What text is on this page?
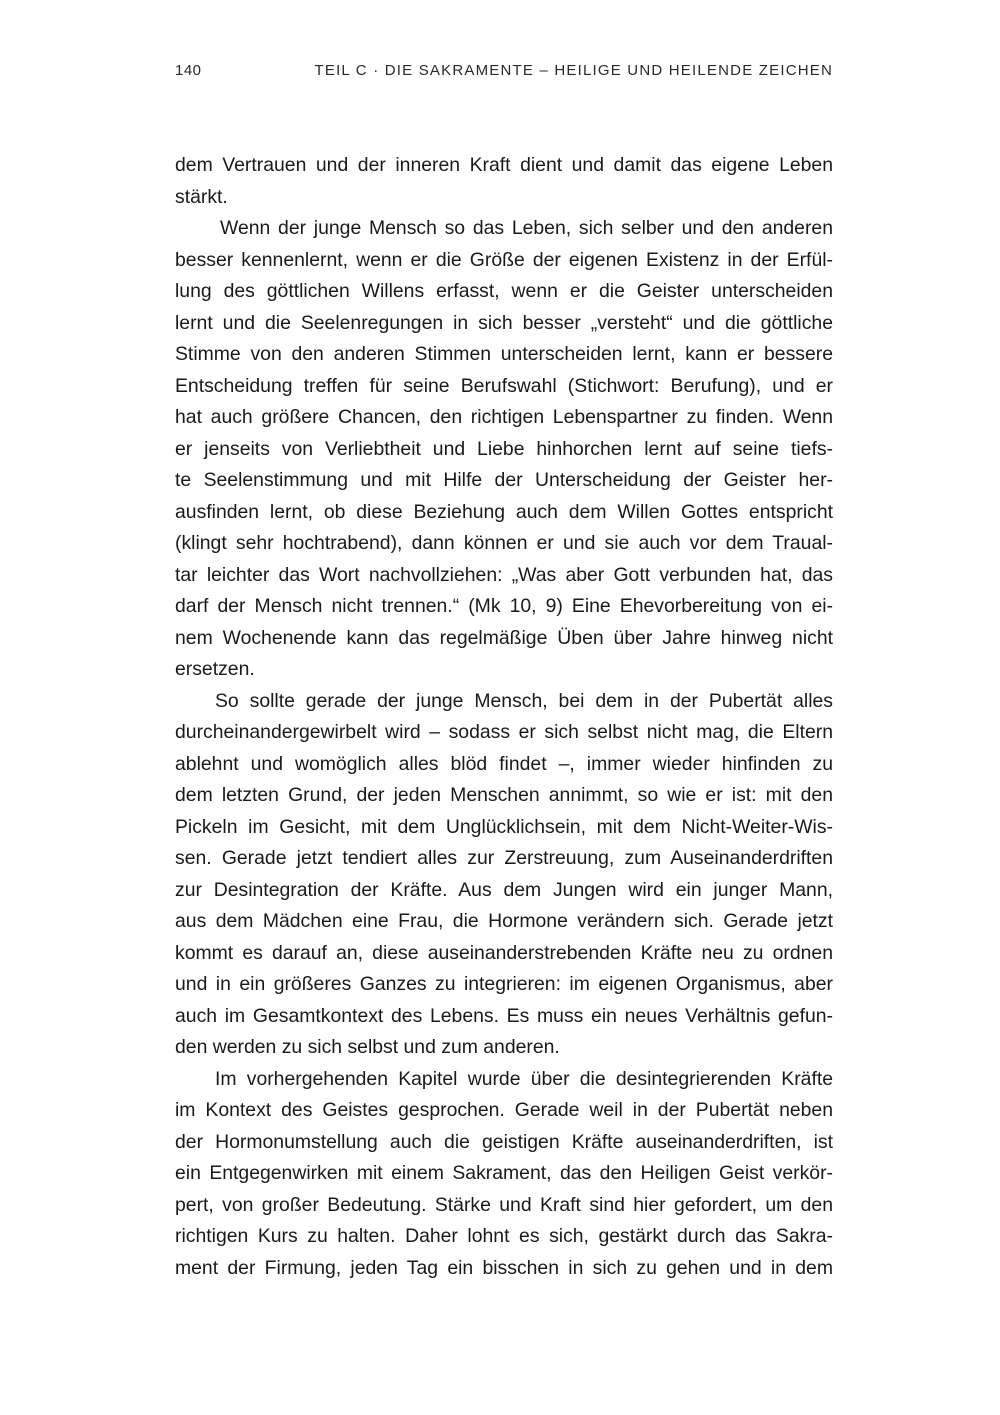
140	TEIL C · DIE SAKRAMENTE – HEILIGE UND HEILENDE ZEICHEN
dem Vertrauen und der inneren Kraft dient und damit das eigene Leben
stärkt.
Wenn der junge Mensch so das Leben, sich selber und den anderen
besser kennenlernt, wenn er die Größe der eigenen Existenz in der Erfül-
lung des göttlichen Willens erfasst, wenn er die Geister unterscheiden
lernt und die Seelenregungen in sich besser „versteht“ und die göttliche
Stimme von den anderen Stimmen unterscheiden lernt, kann er bessere
Entscheidung treffen für seine Berufswahl (Stichwort: Berufung), und er
hat auch größere Chancen, den richtigen Lebenspartner zu finden. Wenn
er jenseits von Verliebtheit und Liebe hinhorchen lernt auf seine tiefs-
te Seelenstimmung und mit Hilfe der Unterscheidung der Geister her-
ausfinden lernt, ob diese Beziehung auch dem Willen Gottes entspricht
(klingt sehr hochtrabend), dann können er und sie auch vor dem Traual-
tar leichter das Wort nachvollziehen: „Was aber Gott verbunden hat, das
darf der Mensch nicht trennen.“ (Mk 10, 9) Eine Ehevorbereitung von ei-
nem Wochenende kann das regelmäßige Üben über Jahre hinweg nicht
ersetzen.
So sollte gerade der junge Mensch, bei dem in der Pubertät alles
durcheinandergewirbelt wird – sodass er sich selbst nicht mag, die Eltern
ablehnt und womöglich alles blöd findet –, immer wieder hinfinden zu
dem letzten Grund, der jeden Menschen annimmt, so wie er ist: mit den
Pickeln im Gesicht, mit dem Unglücklichsein, mit dem Nicht-Weiter-Wis-
sen. Gerade jetzt tendiert alles zur Zerstreuung, zum Auseinanderdriften
zur Desintegration der Kräfte. Aus dem Jungen wird ein junger Mann,
aus dem Mädchen eine Frau, die Hormone verändern sich. Gerade jetzt
kommt es darauf an, diese auseinanderstrebenden Kräfte neu zu ordnen
und in ein größeres Ganzes zu integrieren: im eigenen Organismus, aber
auch im Gesamtkontext des Lebens. Es muss ein neues Verhältnis gefun-
den werden zu sich selbst und zum anderen.
Im vorhergehenden Kapitel wurde über die desintegrierenden Kräfte
im Kontext des Geistes gesprochen. Gerade weil in der Pubertät neben
der Hormonumstellung auch die geistigen Kräfte auseinanderdriften, ist
ein Entgegenwirken mit einem Sakrament, das den Heiligen Geist verkör-
pert, von großer Bedeutung. Stärke und Kraft sind hier gefordert, um den
richtigen Kurs zu halten. Daher lohnt es sich, gestärkt durch das Sakra-
ment der Firmung, jeden Tag ein bisschen in sich zu gehen und in dem
